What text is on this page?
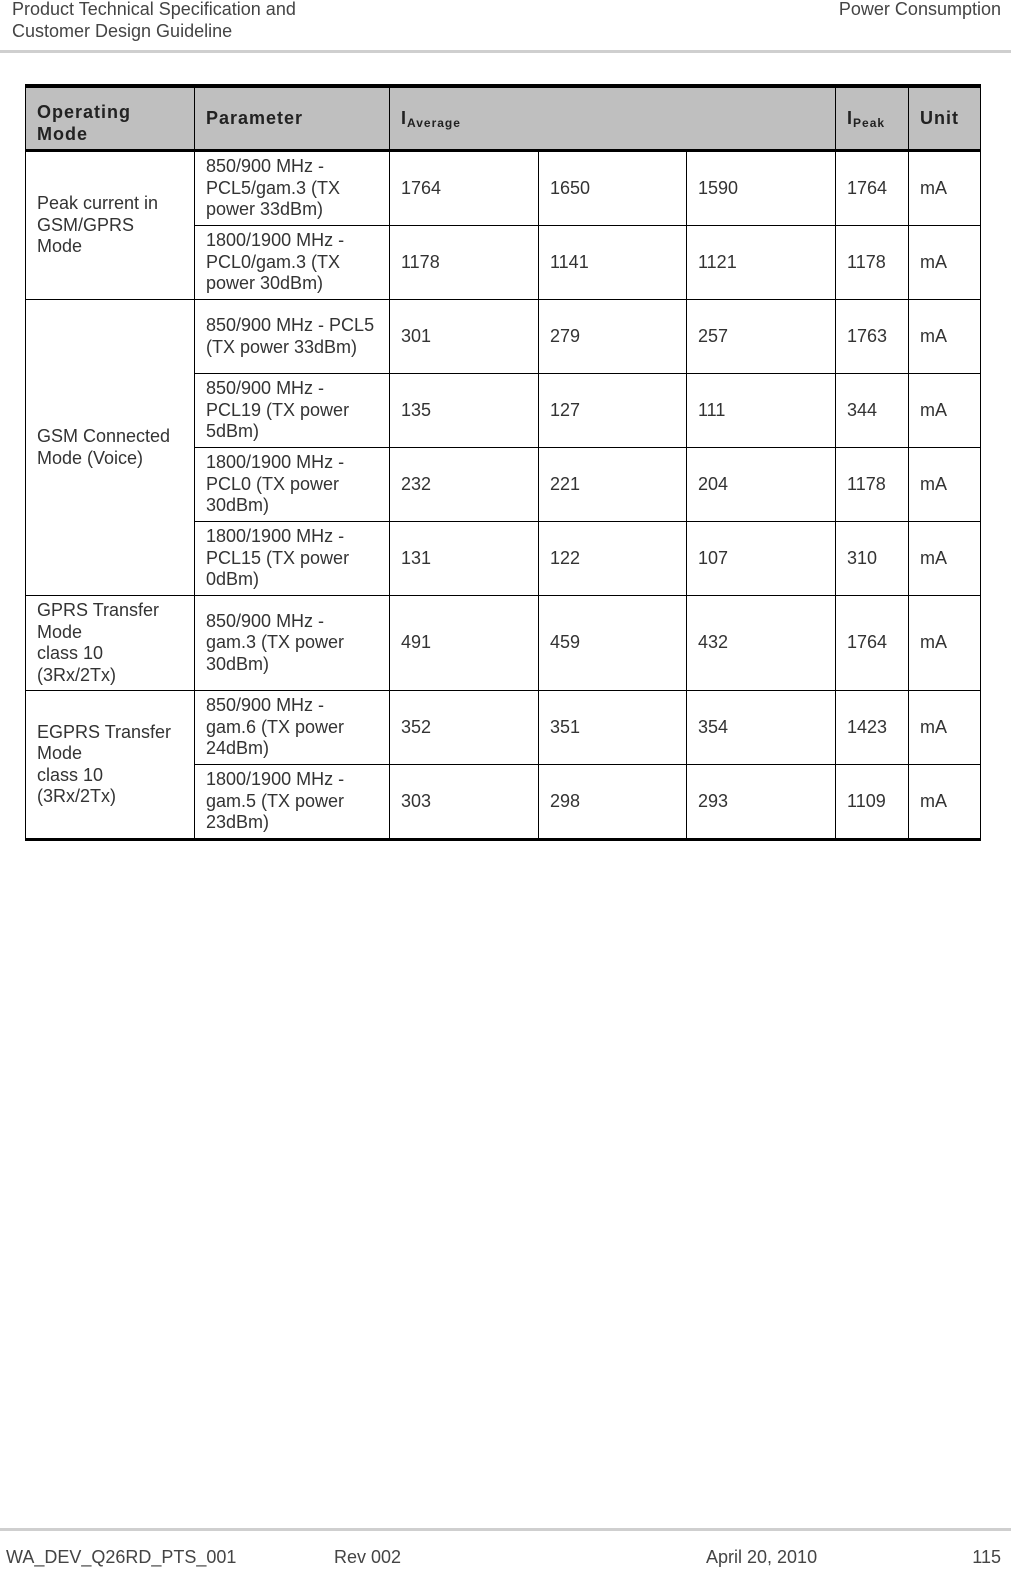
Product Technical Specification and
Customer Design Guideline
Power Consumption
Operating Mode	Parameter	$I_{Average}$			$I_{Peak}$	Unit
Peak current in GSM/GPRS Mode	850/900 MHz - PCL5/gam.3 (TX power 33dBm)	1764	1650	1590	1764	mA
	1800/1900 MHz - PCL0/gam.3 (TX power 30dBm)	1178	1141	1121	1178	mA
GSM Connected Mode (Voice)	850/900 MHz - PCL5 (TX power 33dBm)	301	279	257	1763	mA
	850/900 MHz - PCL19 (TX power 5dBm)	135	127	111	344	mA
	1800/1900 MHz - PCL0 (TX power 30dBm)	232	221	204	1178	mA
	1800/1900 MHz - PCL15 (TX power 0dBm)	131	122	107	310	mA
GPRS Transfer Mode
class 10
(3Rx/2Tx)	850/900 MHz - gam.3 (TX power 30dBm)	491	459	432	1764	mA
EGPRS Transfer Mode
class 10
(3Rx/2Tx)	850/900 MHz - gam.6 (TX power 24dBm)	352	351	354	1423	mA
	1800/1900 MHz - gam.5 (TX power 23dBm)	303	298	293	1109	mA
WA_DEV_Q26RD_PTS_001	Rev 002	April 20, 2010	115
